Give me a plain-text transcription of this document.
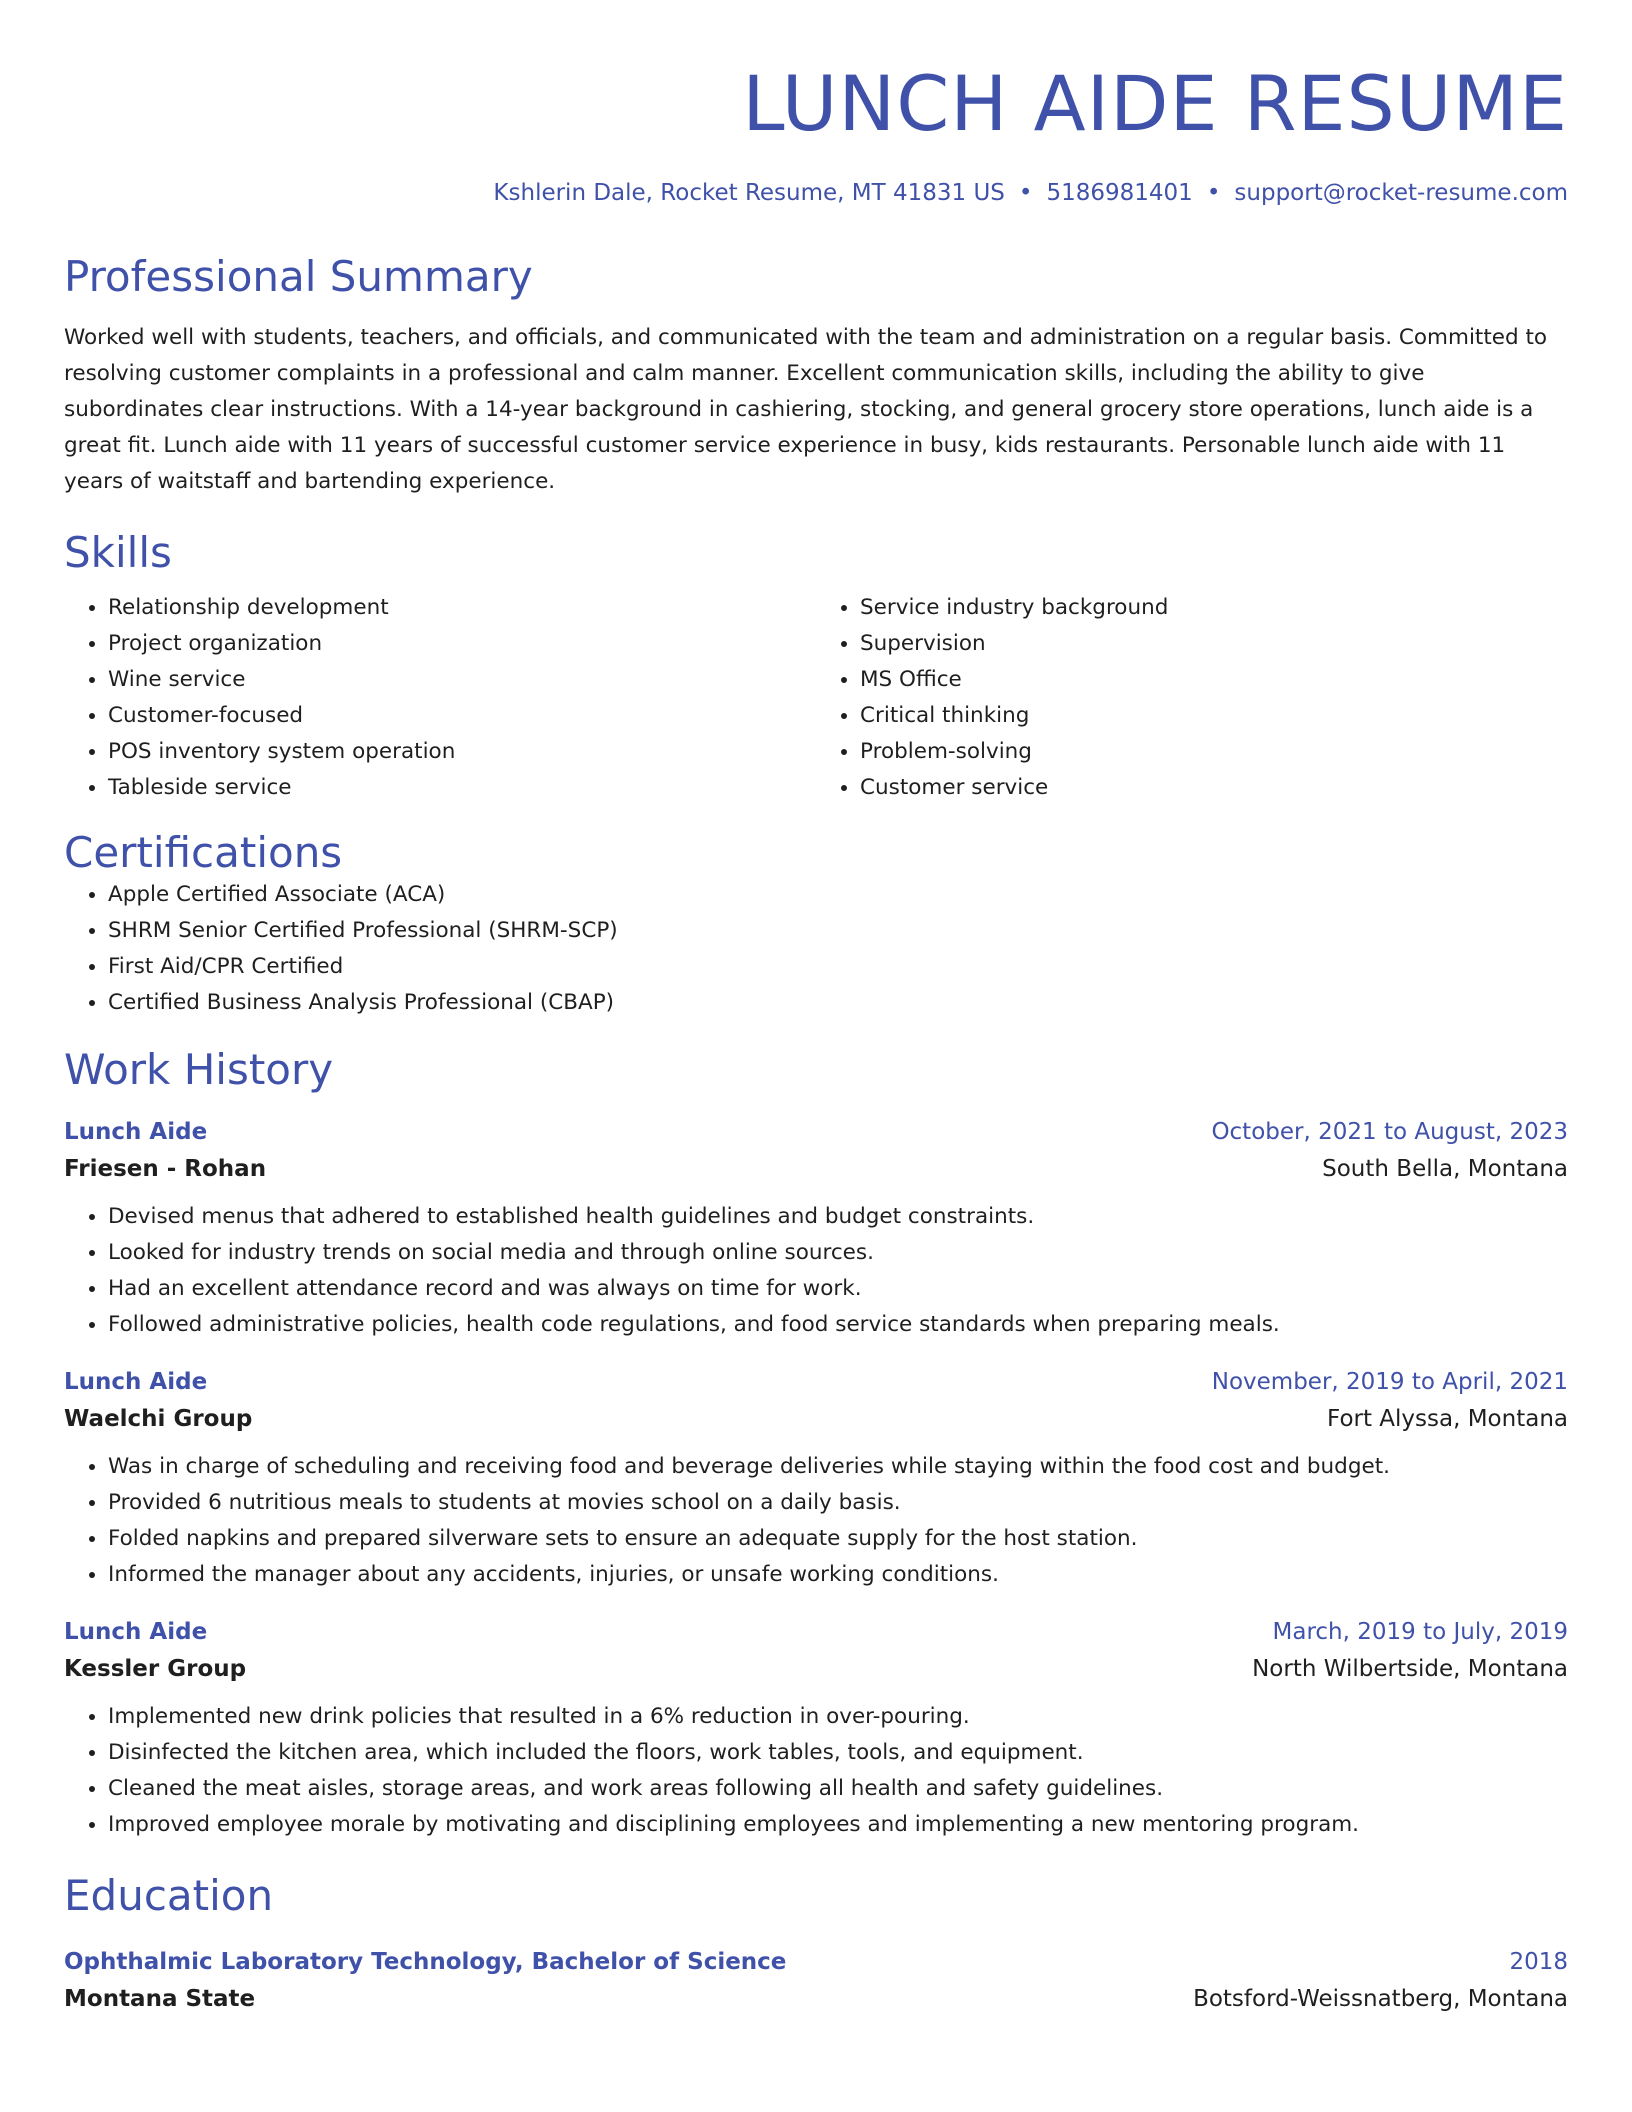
LUNCH AIDE RESUME
Kshlerin Dale, Rocket Resume, MT 41831 US • 5186981401 • support@rocket-resume.com
Professional Summary
Worked well with students, teachers, and officials, and communicated with the team and administration on a regular basis. Committed to resolving customer complaints in a professional and calm manner. Excellent communication skills, including the ability to give subordinates clear instructions. With a 14-year background in cashiering, stocking, and general grocery store operations, lunch aide is a great fit. Lunch aide with 11 years of successful customer service experience in busy, kids restaurants. Personable lunch aide with 11 years of waitstaff and bartending experience.
Skills
• Relationship development
• Project organization
• Wine service
• Customer-focused
• POS inventory system operation
• Tableside service
• Service industry background
• Supervision
• MS Office
• Critical thinking
• Problem-solving
• Customer service
Certifications
• Apple Certified Associate (ACA)
• SHRM Senior Certified Professional (SHRM-SCP)
• First Aid/CPR Certified
• Certified Business Analysis Professional (CBAP)
Work History
Lunch Aide	October, 2021 to August, 2023
Friesen - Rohan	South Bella, Montana
• Devised menus that adhered to established health guidelines and budget constraints.
• Looked for industry trends on social media and through online sources.
• Had an excellent attendance record and was always on time for work.
• Followed administrative policies, health code regulations, and food service standards when preparing meals.
Lunch Aide	November, 2019 to April, 2021
Waelchi Group	Fort Alyssa, Montana
• Was in charge of scheduling and receiving food and beverage deliveries while staying within the food cost and budget.
• Provided 6 nutritious meals to students at movies school on a daily basis.
• Folded napkins and prepared silverware sets to ensure an adequate supply for the host station.
• Informed the manager about any accidents, injuries, or unsafe working conditions.
Lunch Aide	March, 2019 to July, 2019
Kessler Group	North Wilbertside, Montana
• Implemented new drink policies that resulted in a 6% reduction in over-pouring.
• Disinfected the kitchen area, which included the floors, work tables, tools, and equipment.
• Cleaned the meat aisles, storage areas, and work areas following all health and safety guidelines.
• Improved employee morale by motivating and disciplining employees and implementing a new mentoring program.
Education
Ophthalmic Laboratory Technology, Bachelor of Science	2018
Montana State	Botsford-Weissnatberg, Montana
